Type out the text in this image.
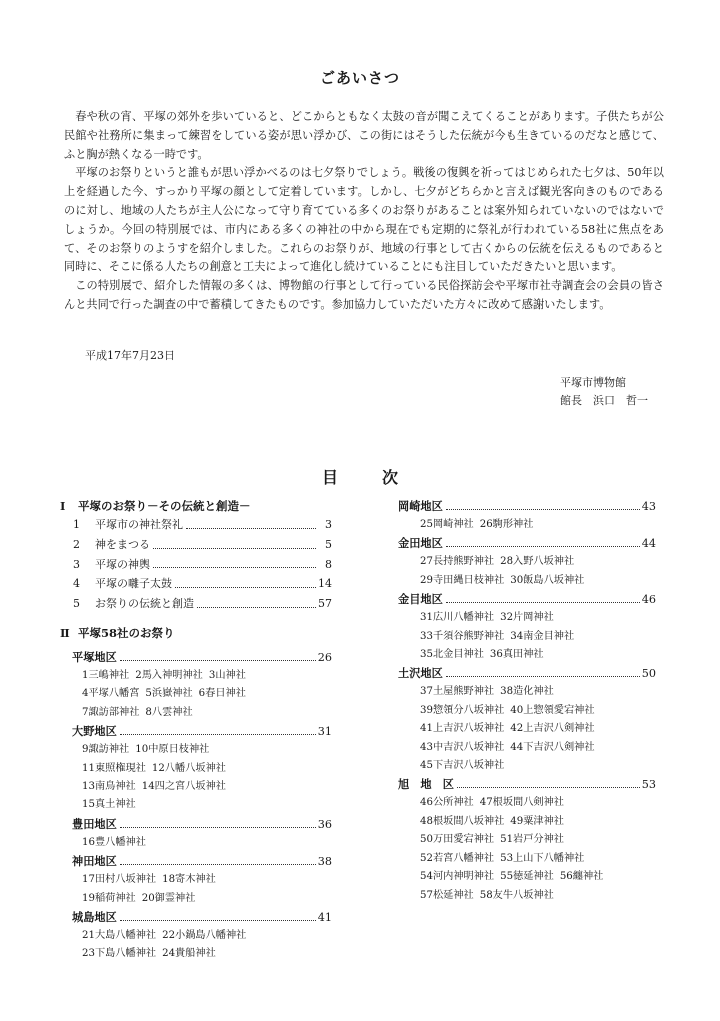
ごあいさつ

春や秋の宵、平塚の郊外を歩いていると、どこからともなく太鼓の音が聞こえてくることがあります。子供たちが公民館や社務所に集まって練習をしている姿が思い浮かび、この街にはそうした伝統が今も生きているのだなと感じて、ふと胸が熱くなる一時です。

平塚のお祭りというと誰もが思い浮かべるのは七夕祭りでしょう。戦後の復興を祈ってはじめられた七夕は、50年以上を経過した今、すっかり平塚の顔として定着しています。しかし、七夕がどちらかと言えば観光客向きのものであるのに対し、地域の人たちが主人公になって守り育てている多くのお祭りがあることは案外知られていないのではないでしょうか。今回の特別展では、市内にある多くの神社の中から現在でも定期的に祭礼が行われている58社に焦点をあて、そのお祭りのようすを紹介しました。これらのお祭りが、地域の行事として古くからの伝統を伝えるものであると同時に、そこに係る人たちの創意と工夫によって進化し続けていることにも注目していただきたいと思います。

この特別展で、紹介した情報の多くは、博物館の行事として行っている民俗探訪会や平塚市社寺調査会の会員の皆さんと共同で行った調査の中で蓄積してきたものです。参加協力していただいた方々に改めて感謝いたします。

平成17年7月23日
平塚市博物館
館長　浜口　哲一
目次
Ⅰ 平塚のお祭り－その伝統と創造－
1	平塚市の神社祭礼	3
2	神をまつる	5
3	平塚の神輿	8
4	平塚の囃子太鼓	14
5	お祭りの伝統と創造	57
Ⅱ 平塚58社のお祭り
平塚地区	26
1三嶋神社 2馬入神明神社 3山神社
4平塚八幡宮 5浜嶽神社 6春日神社
7諏訪部神社 8八雲神社
大野地区	31
9諏訪神社 10中原日枝神社
11東照権現社 12八幡八坂神社
13南鳥神社 14四之宮八坂神社
15真土神社
豊田地区	36
16豊八幡神社
神田地区	38
17田村八坂神社 18寄木神社
19稲荷神社 20御霊神社
城島地区	41
21大島八幡神社 22小鍋島八幡神社
23下島八幡神社 24貴船神社
岡崎地区	43
25岡崎神社 26駒形神社
金田地区	44
27長持熊野神社 28入野八坂神社
29寺田縄日枝神社 30飯島八坂神社
金目地区	46
31広川八幡神社 32片岡神社
33千須谷熊野神社 34南金目神社
35北金目神社 36真田神社
土沢地区	50
37土屋熊野神社 38造化神社
39惣領分八坂神社 40上惣領愛宕神社
41上吉沢八坂神社 42上吉沢八剣神社
43中吉沢八坂神社 44下吉沢八剣神社
45下吉沢八坂神社
旭　地　区	53
46公所神社 47根坂間八剣神社
48根坂間八坂神社 49粟津神社
50万田愛宕神社 51岩戸分神社
52若宮八幡神社 53上山下八幡神社
54河内神明神社 55徳延神社 56纏神社
57松延神社 58友牛八坂神社
